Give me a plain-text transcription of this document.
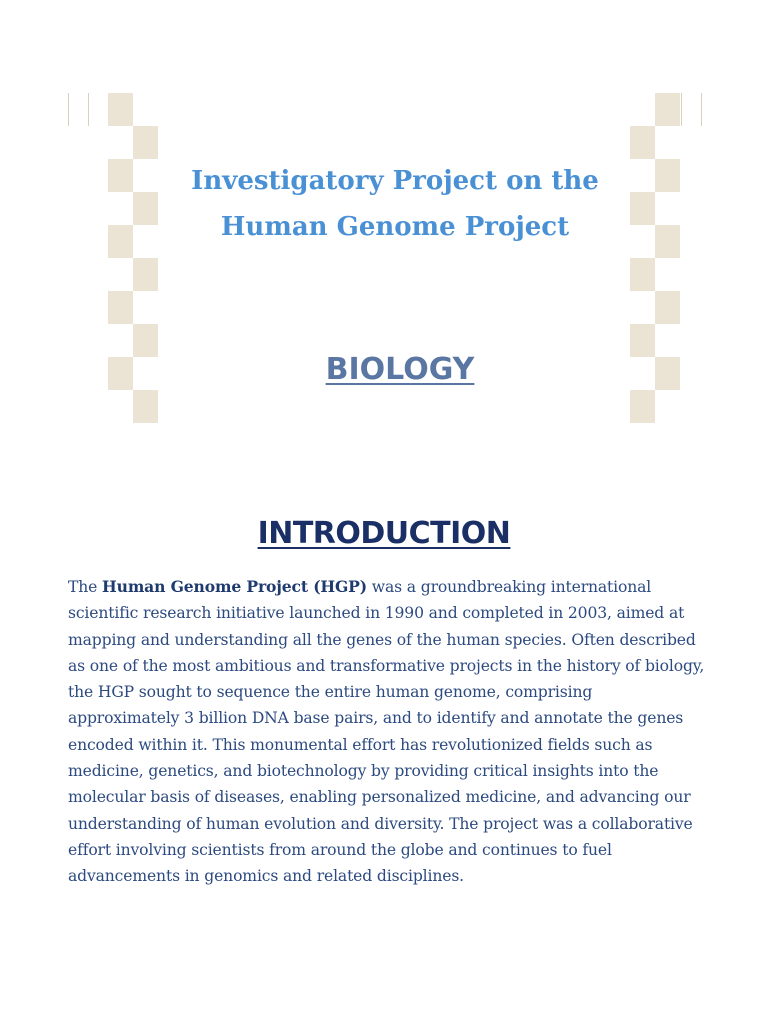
Investigatory Project on the
Human Genome Project
BIOLOGY
INTRODUCTION

The Human Genome Project (HGP) was a groundbreaking international scientific research initiative launched in 1990 and completed in 2003, aimed at mapping and understanding all the genes of the human species. Often described as one of the most ambitious and transformative projects in the history of biology, the HGP sought to sequence the entire human genome, comprising approximately 3 billion DNA base pairs, and to identify and annotate the genes encoded within it. This monumental effort has revolutionized fields such as medicine, genetics, and biotechnology by providing critical insights into the molecular basis of diseases, enabling personalized medicine, and advancing our understanding of human evolution and diversity. The project was a collaborative effort involving scientists from around the globe and continues to fuel advancements in genomics and related disciplines.
